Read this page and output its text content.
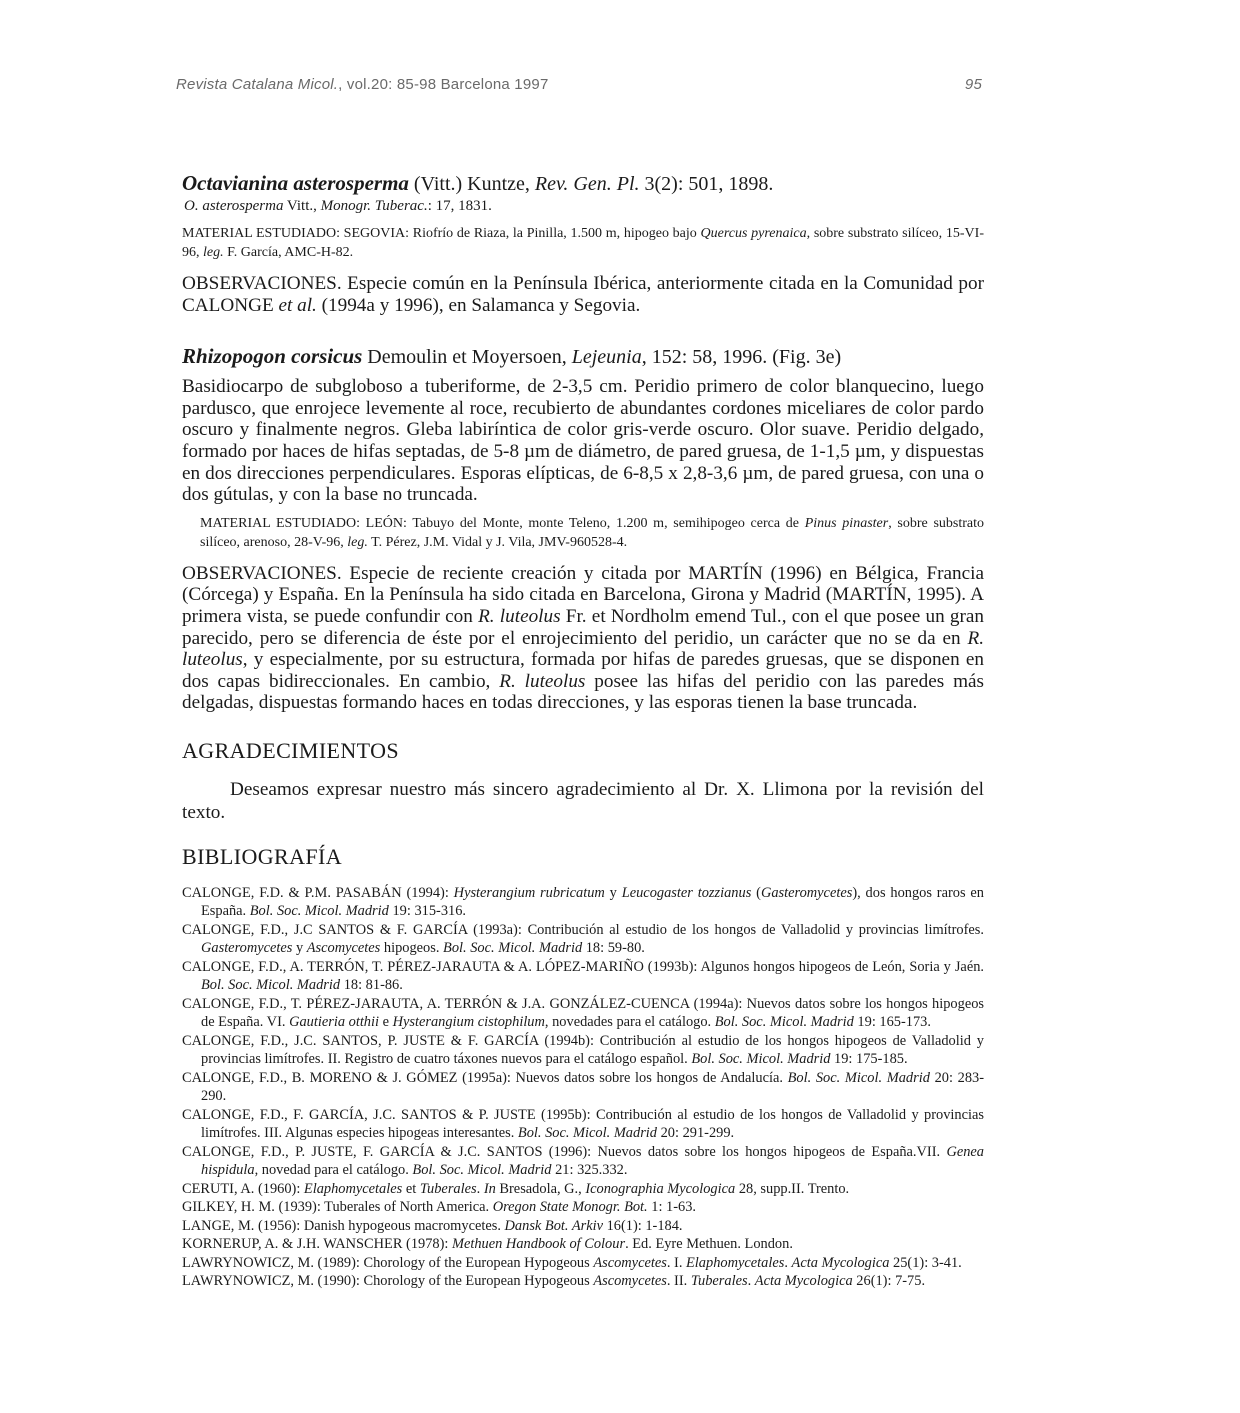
Revista Catalana Micol., vol.20: 85-98 Barcelona 1997	95
Octavianina asterosperma (Vitt.) Kuntze, Rev. Gen. Pl. 3(2): 501, 1898.
O. asterosperma Vitt., Monogr. Tuberac.: 17, 1831.
MATERIAL ESTUDIADO: SEGOVIA: Riofrío de Riaza, la Pinilla, 1.500 m, hipogeo bajo Quercus pyrenaica, sobre substrato silíceo, 15-VI-96, leg. F. García, AMC-H-82.
OBSERVACIONES. Especie común en la Península Ibérica, anteriormente citada en la Comunidad por CALONGE et al. (1994a y 1996), en Salamanca y Segovia.
Rhizopogon corsicus Demoulin et Moyersoen, Lejeunia, 152: 58, 1996. (Fig. 3e)
Basidiocarpo de subgloboso a tuberiforme, de 2-3,5 cm. Peridio primero de color blanquecino, luego pardusco, que enrojece levemente al roce, recubierto de abundantes cordones miceliares de color pardo oscuro y finalmente negros. Gleba labiríntica de color gris-verde oscuro. Olor suave. Peridio delgado, formado por haces de hifas septadas, de 5-8 µm de diámetro, de pared gruesa, de 1-1,5 µm, y dispuestas en dos direcciones perpendiculares. Esporas elípticas, de 6-8,5 x 2,8-3,6 µm, de pared gruesa, con una o dos gútulas, y con la base no truncada.
MATERIAL ESTUDIADO: LEÓN: Tabuyo del Monte, monte Teleno, 1.200 m, semihipogeo cerca de Pinus pinaster, sobre substrato silíceo, arenoso, 28-V-96, leg. T. Pérez, J.M. Vidal y J. Vila, JMV-960528-4.
OBSERVACIONES. Especie de reciente creación y citada por MARTÍN (1996) en Bélgica, Francia (Córcega) y España. En la Península ha sido citada en Barcelona, Girona y Madrid (MARTÍN, 1995). A primera vista, se puede confundir con R. luteolus Fr. et Nordholm emend Tul., con el que posee un gran parecido, pero se diferencia de éste por el enrojecimiento del peridio, un carácter que no se da en R. luteolus, y especialmente, por su estructura, formada por hifas de paredes gruesas, que se disponen en dos capas bidireccionales. En cambio, R. luteolus posee las hifas del peridio con las paredes más delgadas, dispuestas formando haces en todas direcciones, y las esporas tienen la base truncada.
AGRADECIMIENTOS
Deseamos expresar nuestro más sincero agradecimiento al Dr. X. Llimona por la revisión del texto.
BIBLIOGRAFÍA
CALONGE, F.D. & P.M. PASABÁN (1994): Hysterangium rubricatum y Leucogaster tozzianus (Gasteromycetes), dos hongos raros en España. Bol. Soc. Micol. Madrid 19: 315-316.
CALONGE, F.D., J.C SANTOS & F. GARCÍA (1993a): Contribución al estudio de los hongos de Valladolid y provincias limítrofes. Gasteromycetes y Ascomycetes hipogeos. Bol. Soc. Micol. Madrid 18: 59-80.
CALONGE, F.D., A. TERRÓN, T. PÉREZ-JARAUTA & A. LÓPEZ-MARIÑO (1993b): Algunos hongos hipogeos de León, Soria y Jaén. Bol. Soc. Micol. Madrid 18: 81-86.
CALONGE, F.D., T. PÉREZ-JARAUTA, A. TERRÓN & J.A. GONZÁLEZ-CUENCA (1994a): Nuevos datos sobre los hongos hipogeos de España. VI. Gautieria otthii e Hysterangium cistophilum, novedades para el catálogo. Bol. Soc. Micol. Madrid 19: 165-173.
CALONGE, F.D., J.C. SANTOS, P. JUSTE & F. GARCÍA (1994b): Contribución al estudio de los hongos hipogeos de Valladolid y provincias limítrofes. II. Registro de cuatro táxones nuevos para el catálogo español. Bol. Soc. Micol. Madrid 19: 175-185.
CALONGE, F.D., B. MORENO & J. GÓMEZ (1995a): Nuevos datos sobre los hongos de Andalucía. Bol. Soc. Micol. Madrid 20: 283-290.
CALONGE, F.D., F. GARCÍA, J.C. SANTOS & P. JUSTE (1995b): Contribución al estudio de los hongos de Valladolid y provincias limítrofes. III. Algunas especies hipogeas interesantes. Bol. Soc. Micol. Madrid 20: 291-299.
CALONGE, F.D., P. JUSTE, F. GARCÍA & J.C. SANTOS (1996): Nuevos datos sobre los hongos hipogeos de España.VII. Genea hispidula, novedad para el catálogo. Bol. Soc. Micol. Madrid 21: 325.332.
CERUTI, A. (1960): Elaphomycetales et Tuberales. In Bresadola, G., Iconographia Mycologica 28, supp.II. Trento.
GILKEY, H. M. (1939): Tuberales of North America. Oregon State Monogr. Bot. 1: 1-63.
LANGE, M. (1956): Danish hypogeous macromycetes. Dansk Bot. Arkiv 16(1): 1-184.
KORNERUP, A. & J.H. WANSCHER (1978): Methuen Handbook of Colour. Ed. Eyre Methuen. London.
LAWRYNOWICZ, M. (1989): Chorology of the European Hypogeous Ascomycetes. I. Elaphomycetales. Acta Mycologica 25(1): 3-41.
LAWRYNOWICZ, M. (1990): Chorology of the European Hypogeous Ascomycetes. II. Tuberales. Acta Mycologica 26(1): 7-75.
